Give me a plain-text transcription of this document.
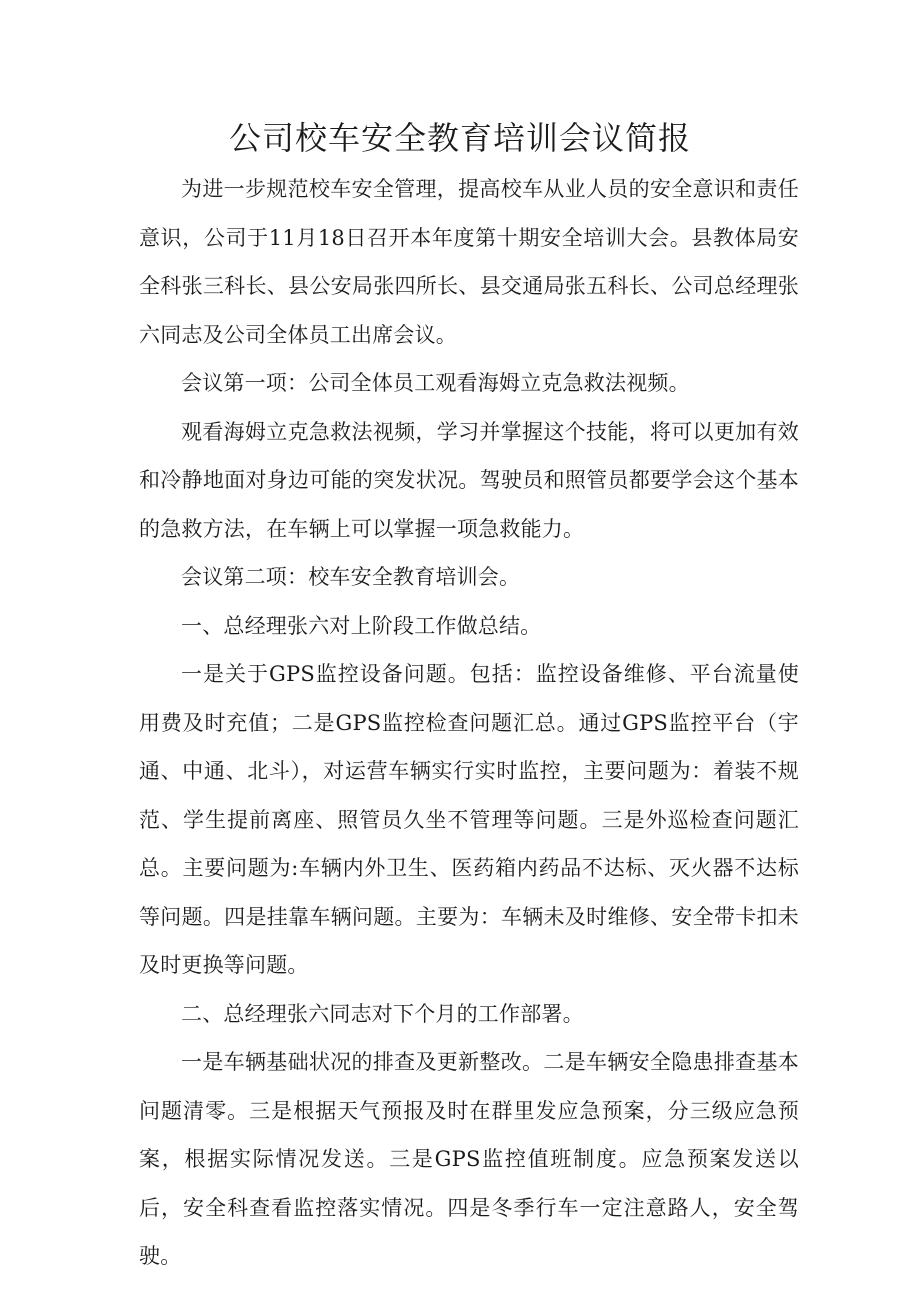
公司校车安全教育培训会议简报

为进一步规范校车安全管理，提高校车从业人员的安全意识和责任意识，公司于11月18日召开本年度第十期安全培训大会。县教体局安全科张三科长、县公安局张四所长、县交通局张五科长、公司总经理张六同志及公司全体员工出席会议。

会议第一项：公司全体员工观看海姆立克急救法视频。

观看海姆立克急救法视频，学习并掌握这个技能，将可以更加有效和冷静地面对身边可能的突发状况。驾驶员和照管员都要学会这个基本的急救方法，在车辆上可以掌握一项急救能力。

会议第二项：校车安全教育培训会。

一、总经理张六对上阶段工作做总结。

一是关于GPS监控设备问题。包括：监控设备维修、平台流量使用费及时充值；二是GPS监控检查问题汇总。通过GPS监控平台（宇通、中通、北斗），对运营车辆实行实时监控，主要问题为：着装不规范、学生提前离座、照管员久坐不管理等问题。三是外巡检查问题汇总。主要问题为:车辆内外卫生、医药箱内药品不达标、灭火器不达标等问题。四是挂靠车辆问题。主要为：车辆未及时维修、安全带卡扣未及时更换等问题。

二、总经理张六同志对下个月的工作部署。

一是车辆基础状况的排查及更新整改。二是车辆安全隐患排查基本问题清零。三是根据天气预报及时在群里发应急预案，分三级应急预案，根据实际情况发送。三是GPS监控值班制度。应急预案发送以后，安全科查看监控落实情况。四是冬季行车一定注意路人，安全驾驶。
